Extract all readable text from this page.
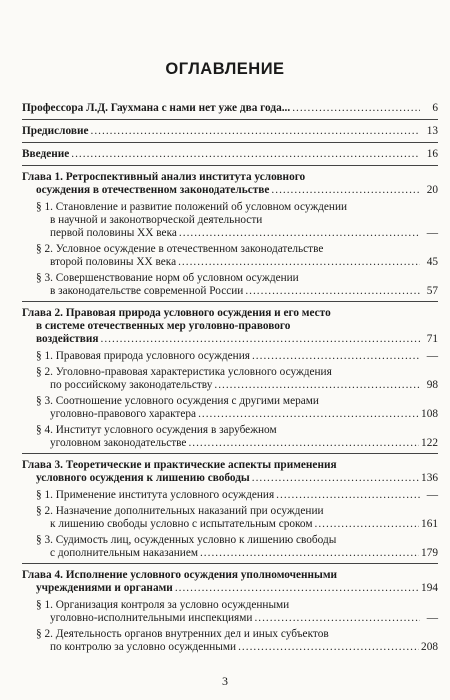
ОГЛАВЛЕНИЕ
Профессора Л.Д. Гаухмана с нами нет уже два года... .....	6
Предисловие .....	13
Введение .....	16
Глава 1. Ретроспективный анализ института условного
осуждения в отечественном законодательстве .....	20
§ 1. Становление и развитие положений об условном осуждении
в научной и законотворческой деятельности
первой половины XX века .....	—
§ 2. Условное осуждение в отечественном законодательстве
второй половины XX века .....	45
§ 3. Совершенствование норм об условном осуждении
в законодательстве современной России .....	57
Глава 2. Правовая природа условного осуждения и его место
в системе отечественных мер уголовно-правового
воздействия .....	71
§ 1. Правовая природа условного осуждения .....	—
§ 2. Уголовно-правовая характеристика условного осуждения
по российскому законодательству .....	98
§ 3. Соотношение условного осуждения с другими мерами
уголовно-правового характера .....	108
§ 4. Институт условного осуждения в зарубежном
уголовном законодательстве .....	122
Глава 3. Теоретические и практические аспекты применения
условного осуждения к лишению свободы .....	136
§ 1. Применение института условного осуждения .....	—
§ 2. Назначение дополнительных наказаний при осуждении
к лишению свободы условно с испытательным сроком .....	161
§ 3. Судимость лиц, осужденных условно к лишению свободы
с дополнительным наказанием .....	179
Глава 4. Исполнение условного осуждения уполномоченными
учреждениями и органами .....	194
§ 1. Организация контроля за условно осужденными
уголовно-исполнительными инспекциями .....	—
§ 2. Деятельность органов внутренних дел и иных субъектов
по контролю за условно осужденными .....	208
3
